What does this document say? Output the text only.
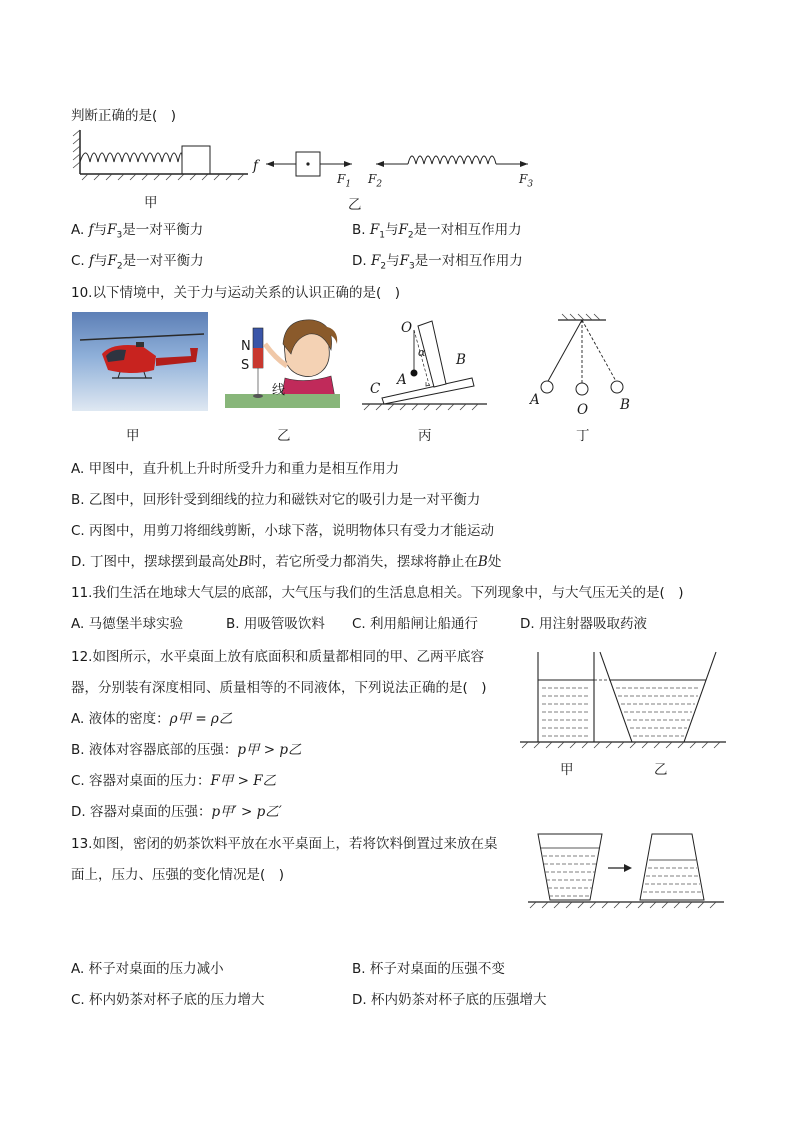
判断正确的是(　)
f
$F_1$ $F_2$	$F_3$
甲	乙
A. f与$F_3$是一对平衡力	B. $F_1$与$F_2$是一对相互作用力
C. f与$F_2$是一对平衡力	D. $F_2$与$F_3$是一对相互作用力
10.以下情境中，关于力与运动关系的认识正确的是(　)
N
S
线
O
α
A
B
C
A
O B
甲	乙	丙	丁
A. 甲图中，直升机上升时所受升力和重力是相互作用力
B. 乙图中，回形针受到细线的拉力和磁铁对它的吸引力是一对平衡力
C. 丙图中，用剪刀将细线剪断，小球下落，说明物体只有受力才能运动
D. 丁图中，摆球摆到最高处B时，若它所受力都消失，摆球将静止在B处
11.我们生活在地球大气层的底部，大气压与我们的生活息息相关。下列现象中，与大气压无关的是(　)
A. 马德堡半球实验	B. 用吸管吸饮料 C. 利用船闸让船通行	D. 用注射器吸取药液
12.如图所示，水平桌面上放有底面积和质量都相同的甲、乙两平底容
器，分别装有深度相同、质量相等的不同液体，下列说法正确的是(　)
A. 液体的密度：ρ甲 = ρ乙
B. 液体对容器底部的压强：p甲 > p乙
C. 容器对桌面的压力：F甲 > F乙
D. 容器对桌面的压强：p甲′ > p乙′
甲	乙
13.如图，密闭的奶茶饮料平放在水平桌面上，若将饮料倒置过来放在桌
面上，压力、压强的变化情况是(　)
A. 杯子对桌面的压力减小	B. 杯子对桌面的压强不变
C. 杯内奶茶对杯子底的压力增大	D. 杯内奶茶对杯子底的压强增大
